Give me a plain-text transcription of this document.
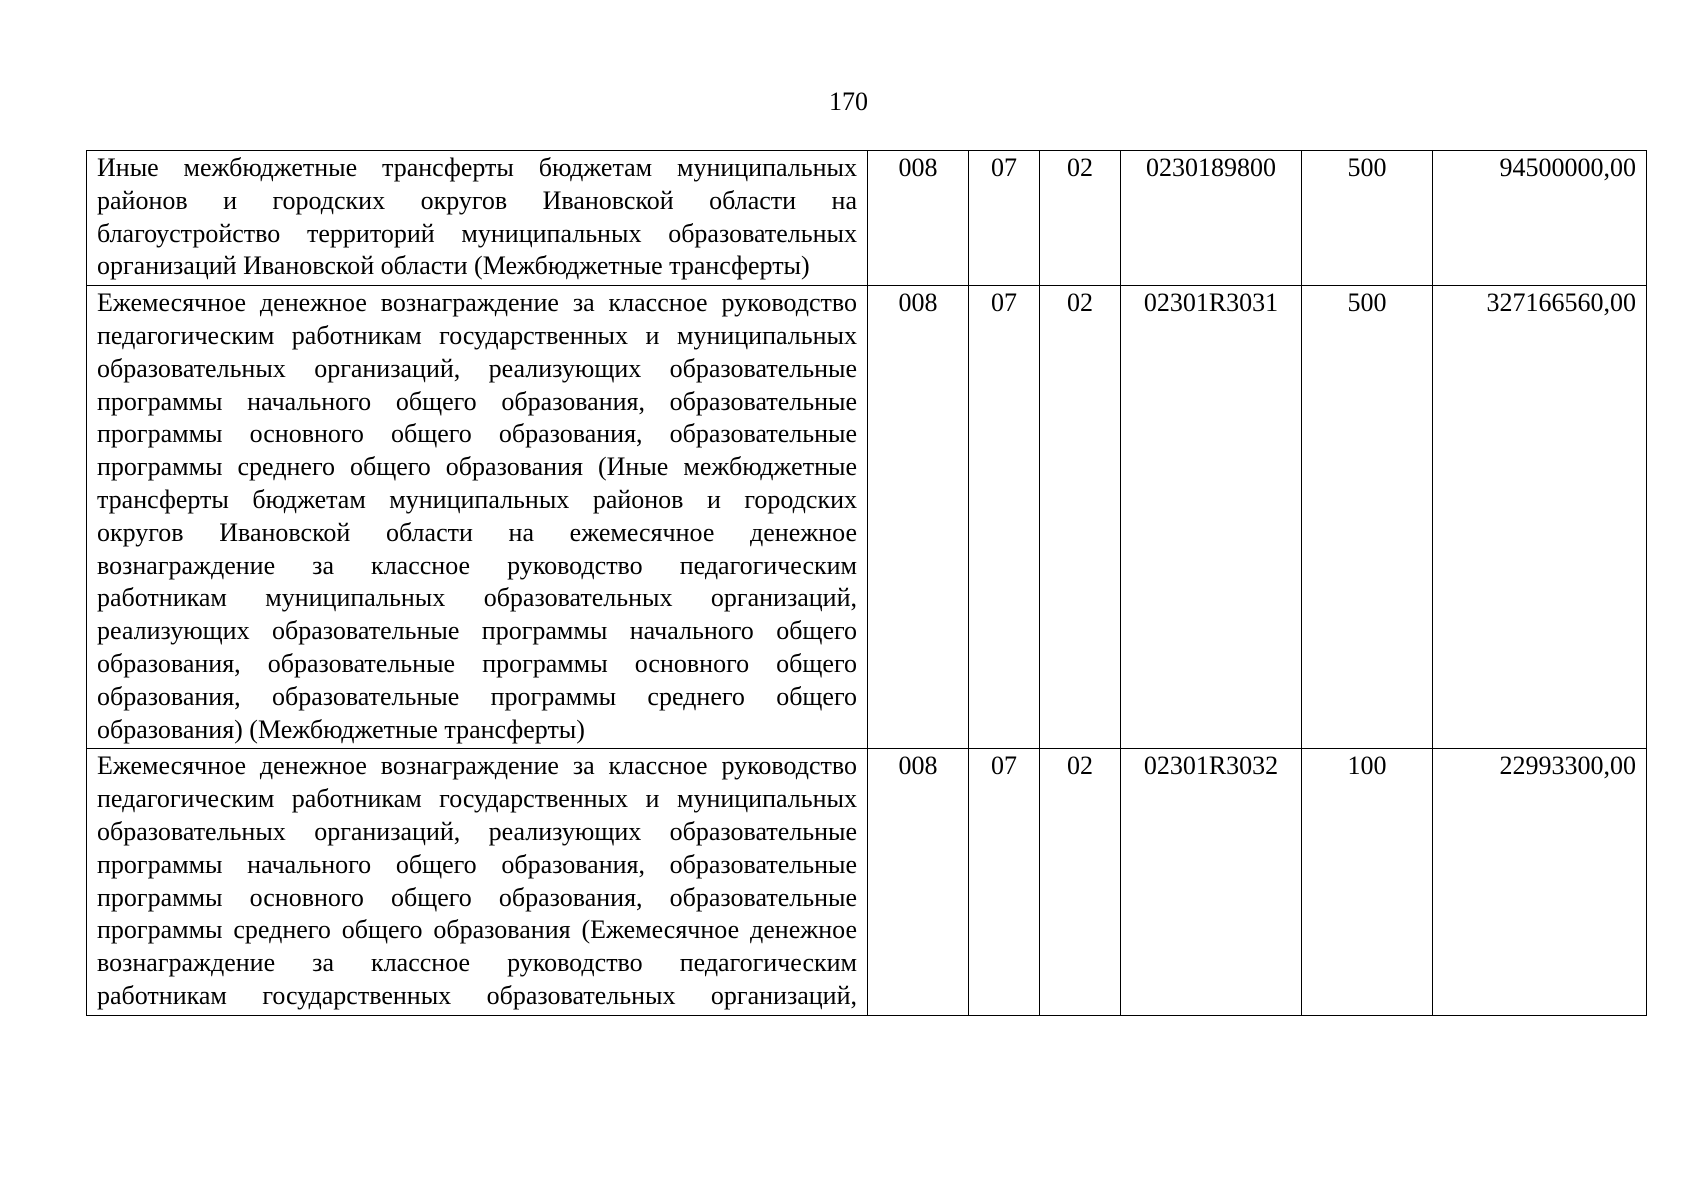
170
Иные межбюджетные трансферты бюджетам муниципальных районов и городских округов Ивановской области на благоустройство территорий муниципальных образовательных организаций Ивановской области (Межбюджетные трансферты)	008	07	02	0230189800	500	94500000,00
Ежемесячное денежное вознаграждение за классное руководство педагогическим работникам государственных и муниципальных образовательных организаций, реализующих образовательные программы начального общего образования, образовательные программы основного общего образования, образовательные программы среднего общего образования (Иные межбюджетные трансферты бюджетам муниципальных районов и городских округов Ивановской области на ежемесячное денежное вознаграждение за классное руководство педагогическим работникам муниципальных образовательных организаций, реализующих образовательные программы начального общего образования, образовательные программы основного общего образования, образовательные программы среднего общего образования) (Межбюджетные трансферты)	008	07	02	02301R3031	500	327166560,00
Ежемесячное денежное вознаграждение за классное руководство педагогическим работникам государственных и муниципальных образовательных организаций, реализующих образовательные программы начального общего образования, образовательные программы основного общего образования, образовательные программы среднего общего образования (Ежемесячное денежное вознаграждение за классное руководство педагогическим работникам государственных образовательных организаций,	008	07	02	02301R3032	100	22993300,00
